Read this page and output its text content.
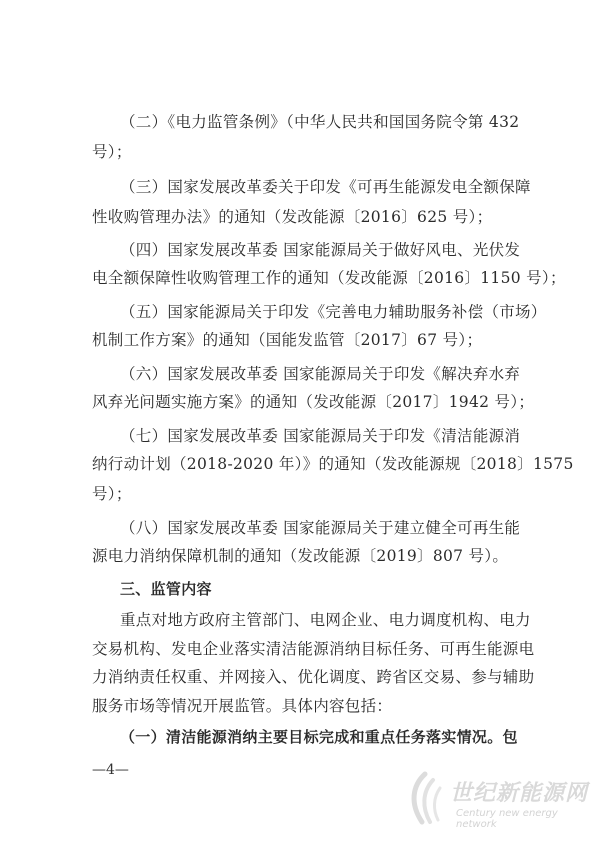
（二）《电力监管条例》（中华人民共和国国务院令第 432
号）；
（三）国家发展改革委关于印发《可再生能源发电全额保障
性收购管理办法》的通知（发改能源〔2016〕625 号）；
（四）国家发展改革委 国家能源局关于做好风电、光伏发
电全额保障性收购管理工作的通知（发改能源〔2016〕1150 号）；
（五）国家能源局关于印发《完善电力辅助服务补偿（市场）
机制工作方案》的通知（国能发监管〔2017〕67 号）；
（六）国家发展改革委 国家能源局关于印发《解决弃水弃
风弃光问题实施方案》的通知（发改能源〔2017〕1942 号）；
（七）国家发展改革委 国家能源局关于印发《清洁能源消
纳行动计划（2018-2020 年）》的通知（发改能源规〔2018〕1575
号）；
（八）国家发展改革委 国家能源局关于建立健全可再生能
源电力消纳保障机制的通知（发改能源〔2019〕807 号）。
三、监管内容
重点对地方政府主管部门、电网企业、电力调度机构、电力
交易机构、发电企业落实清洁能源消纳目标任务、可再生能源电
力消纳责任权重、并网接入、优化调度、跨省区交易、参与辅助
服务市场等情况开展监管。具体内容包括：
（一）清洁能源消纳主要目标完成和重点任务落实情况。包
—4—
世纪新能源网
Century new energy network
